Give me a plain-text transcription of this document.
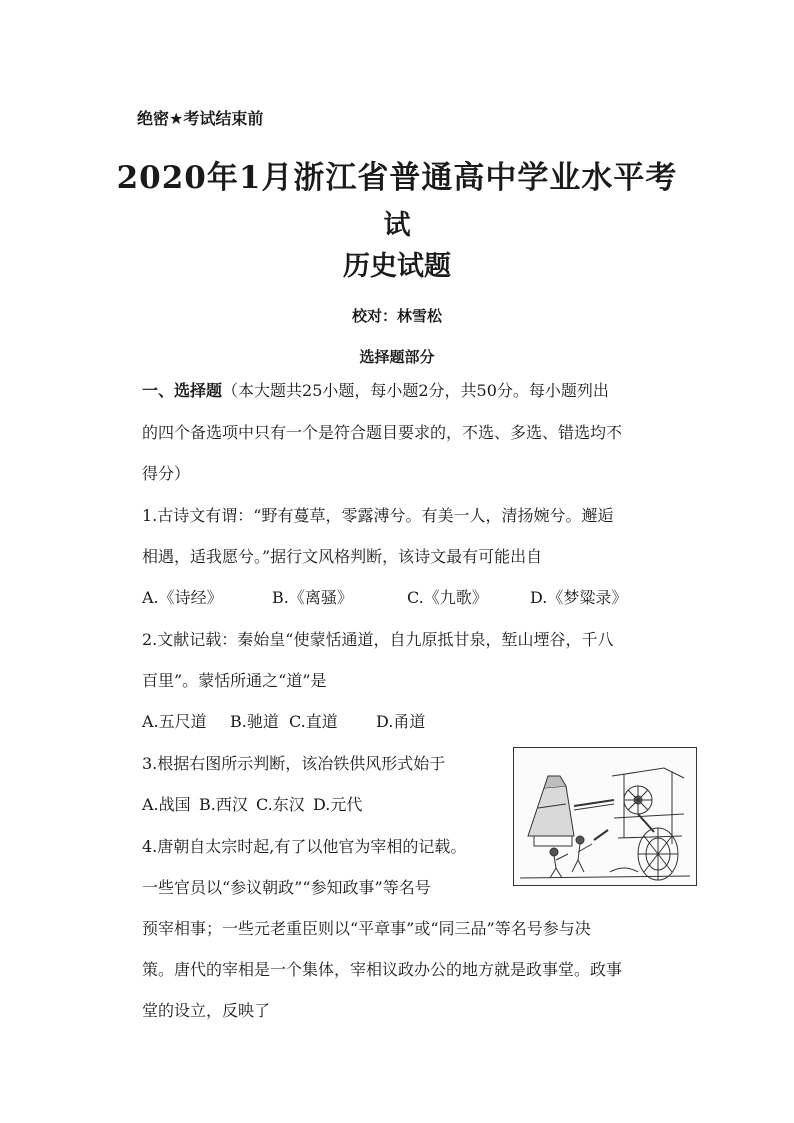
绝密★考试结束前
2020年1月浙江省普通高中学业水平考
试
历史试题
校对：林雪松
选择题部分
一、选择题（本大题共25小题，每小题2分，共50分。每小题列出
的四个备选项中只有一个是符合题目要求的，不选、多选、错选均不
得分）
1.古诗文有谓：“野有蔓草，零露溥兮。有美一人，清扬婉兮。邂逅
相遇，适我愿兮。”据行文风格判断，该诗文最有可能出自
A.《诗经》	B.《离骚》	C.《九歌》	D.《梦粱录》
2.文献记载：秦始皇“使蒙恬通道，自九原抵甘泉，堑山堙谷，千八
百里”。蒙恬所通之“道”是
A.五尺道 B.驰道 C.直道 D.甬道
3.根据右图所示判断，该冶铁供风形式始于
A.战国 B.西汉 C.东汉 D.元代
4.唐朝自太宗时起,有了以他官为宰相的记载。
一些官员以“参议朝政”“参知政事”等名号
预宰相事；一些元老重臣则以“平章事”或“同三品”等名号参与决
策。唐代的宰相是一个集体，宰相议政办公的地方就是政事堂。政事
堂的设立，反映了
